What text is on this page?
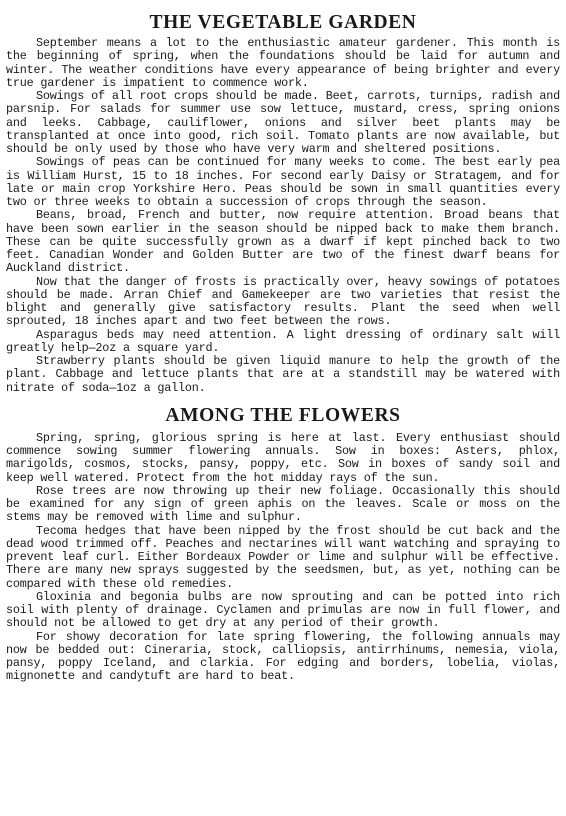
THE VEGETABLE GARDEN

September means a lot to the enthusiastic amateur gardener. This month is the beginning of spring, when the foundations should be laid for autumn and winter. The weather conditions have every appearance of being brighter and every true gardener is impatient to commence work.

Sowings of all root crops should be made. Beet, carrots, turnips, radish and parsnip. For salads for summer use sow lettuce, mustard, cress, spring onions and leeks. Cabbage, cauliflower, onions and silver beet plants may be transplanted at once into good, rich soil. Tomato plants are now available, but should be only used by those who have very warm and sheltered positions.

Sowings of peas can be continued for many weeks to come. The best early pea is William Hurst, 15 to 18 inches. For second early Daisy or Stratagem, and for late or main crop Yorkshire Hero. Peas should be sown in small quantities every two or three weeks to obtain a succession of crops through the season.

Beans, broad, French and butter, now require attention. Broad beans that have been sown earlier in the season should be nipped back to make them branch. These can be quite successfully grown as a dwarf if kept pinched back to two feet. Canadian Wonder and Golden Butter are two of the finest dwarf beans for Auckland district.

Now that the danger of frosts is practically over, heavy sowings of potatoes should be made. Arran Chief and Gamekeeper are two varieties that resist the blight and generally give satisfactory results. Plant the seed when well sprouted, 18 inches apart and two feet between the rows.

Asparagus beds may need attention. A light dressing of ordinary salt will greatly help—2oz a square yard.

Strawberry plants should be given liquid manure to help the growth of the plant. Cabbage and lettuce plants that are at a standstill may be watered with nitrate of soda—1oz a gallon.

AMONG THE FLOWERS

Spring, spring, glorious spring is here at last. Every enthusiast should commence sowing summer flowering annuals. Sow in boxes: Asters, phlox, marigolds, cosmos, stocks, pansy, poppy, etc. Sow in boxes of sandy soil and keep well watered. Protect from the hot midday rays of the sun.

Rose trees are now throwing up their new foliage. Occasionally this should be examined for any sign of green aphis on the leaves. Scale or moss on the stems may be removed with lime and sulphur.

Tecoma hedges that have been nipped by the frost should be cut back and the dead wood trimmed off. Peaches and nectarines will want watching and spraying to prevent leaf curl. Either Bordeaux Powder or lime and sulphur will be effective. There are many new sprays suggested by the seedsmen, but, as yet, nothing can be compared with these old remedies.

Gloxinia and begonia bulbs are now sprouting and can be potted into rich soil with plenty of drainage. Cyclamen and primulas are now in full flower, and should not be allowed to get dry at any period of their growth.

For showy decoration for late spring flowering, the following annuals may now be bedded out: Cineraria, stock, calliopsis, antirrhinums, nemesia, viola, pansy, poppy Iceland, and clarkia. For edging and borders, lobelia, violas, mignonette and candytuft are hard to beat.
